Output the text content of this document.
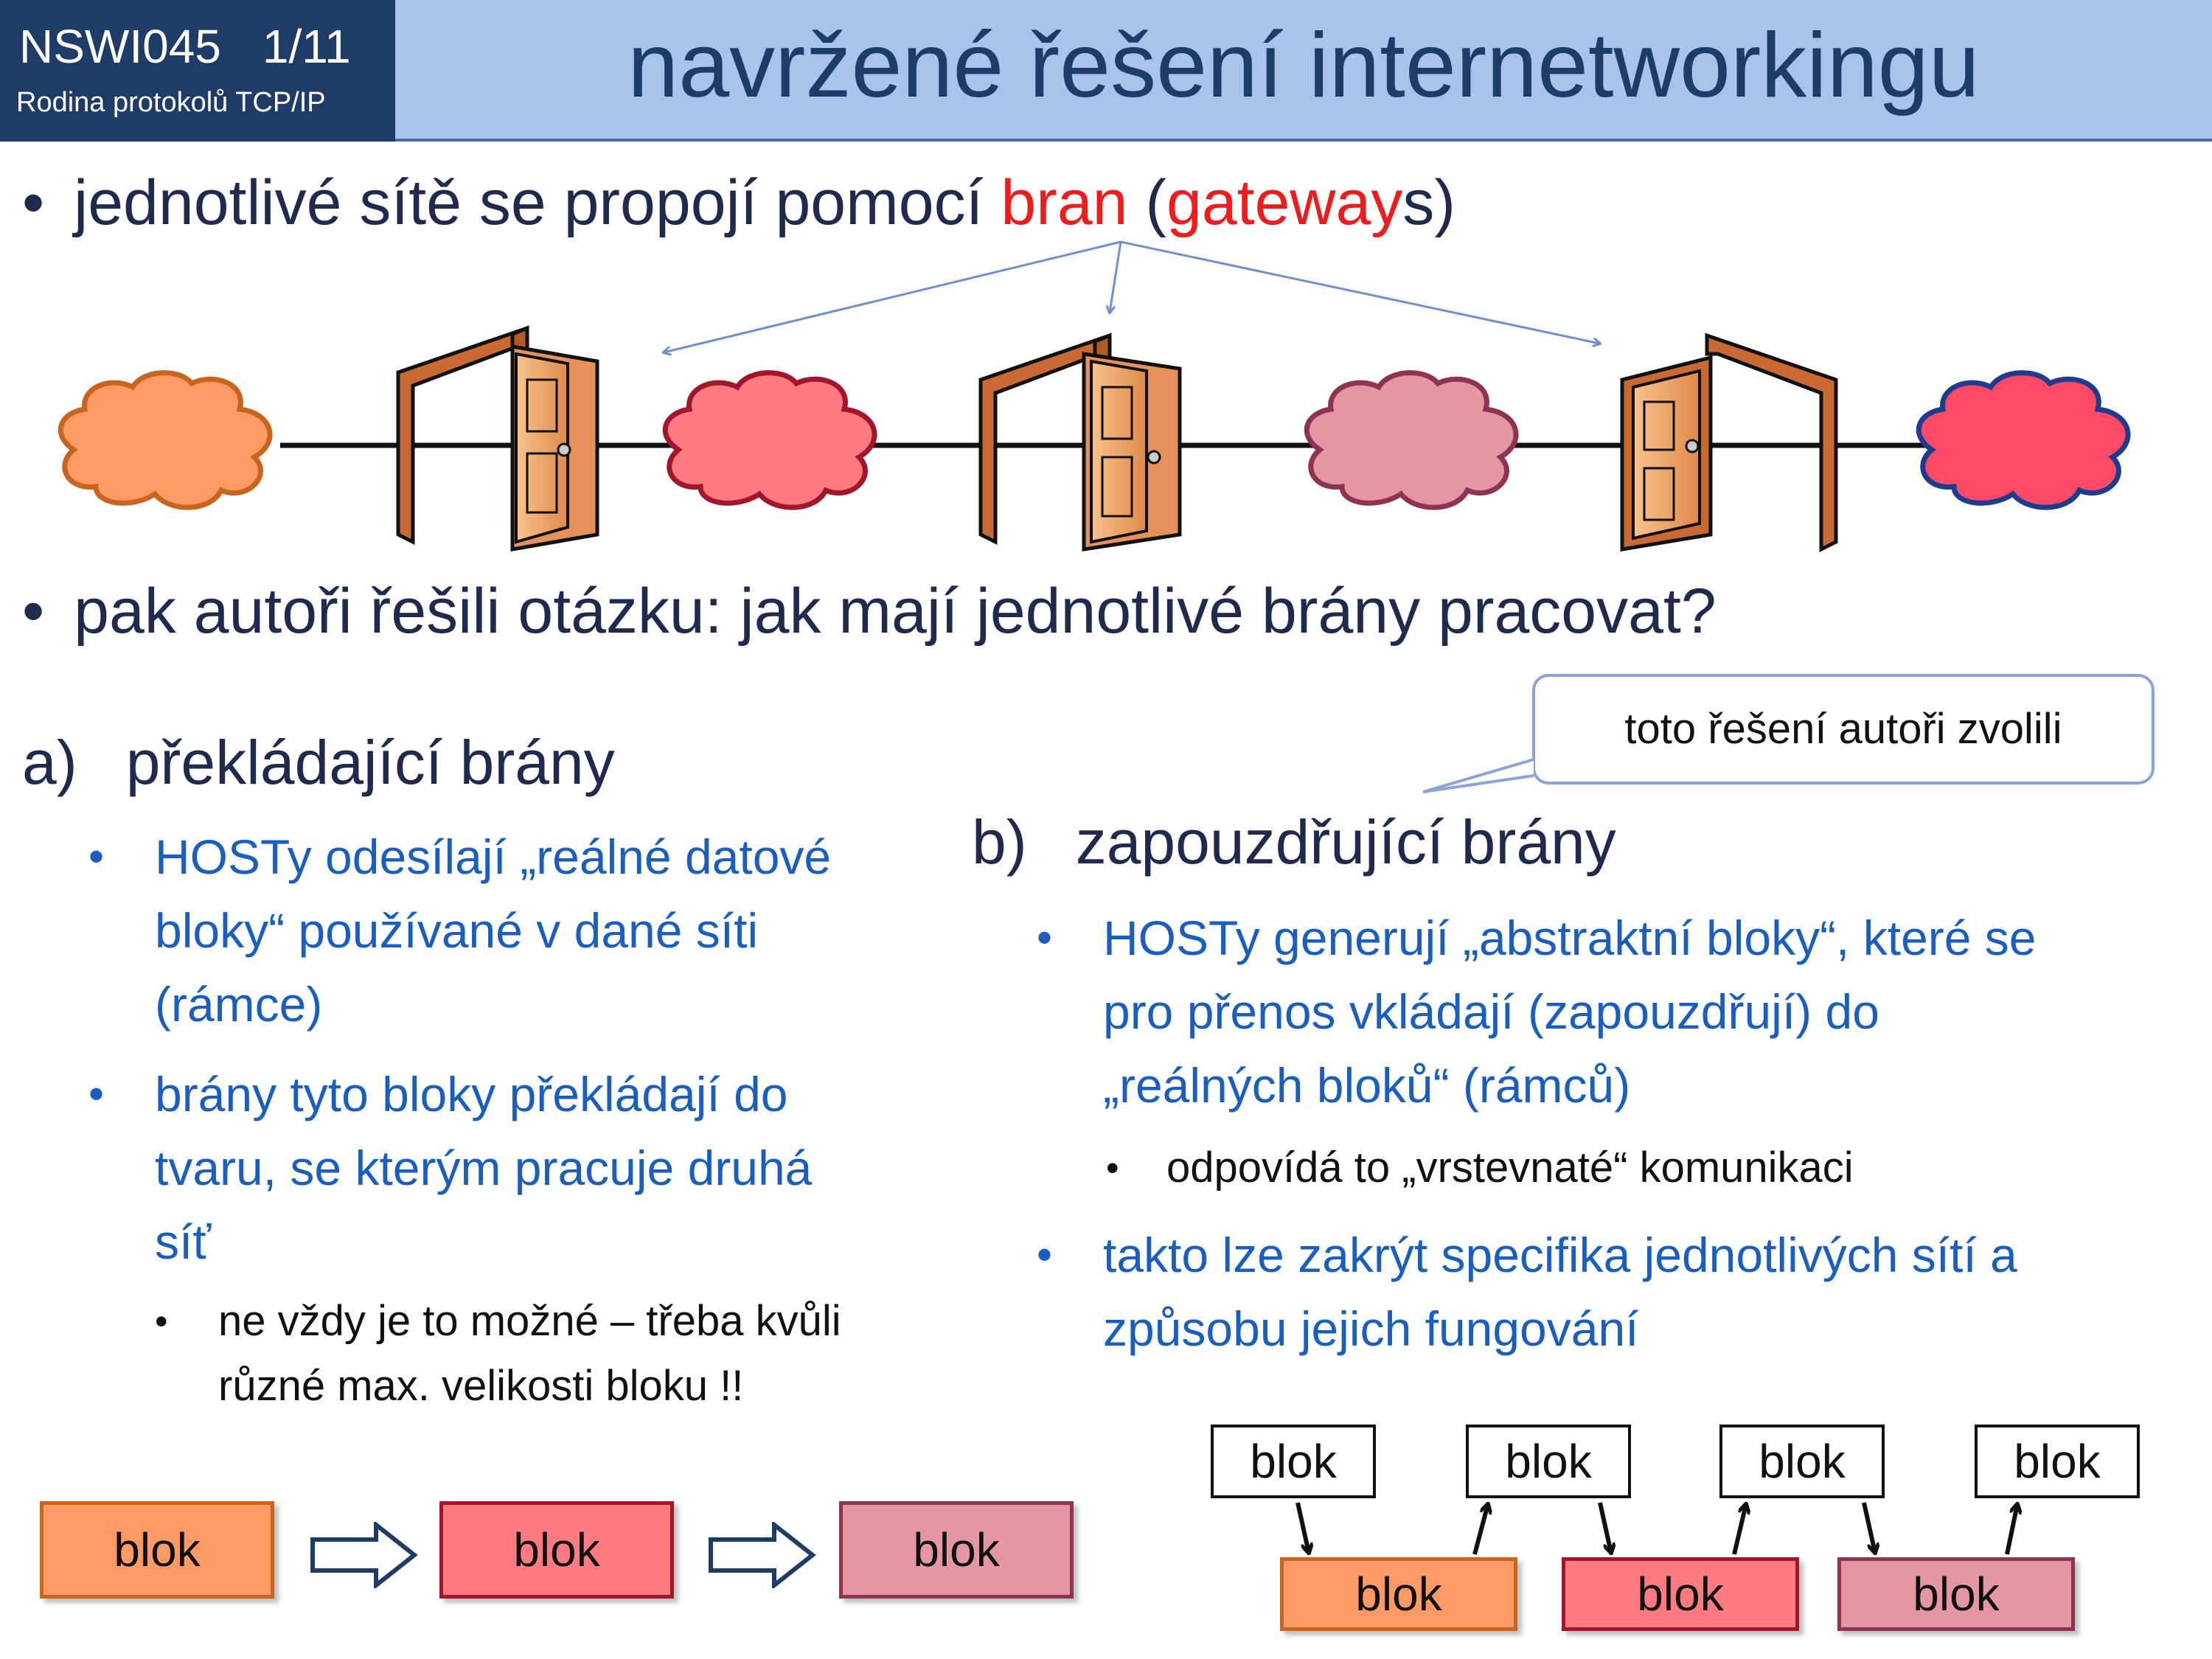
NSWI045 1/11
Rodina protokolů TCP/IP	navržené řešení internetworkingu
• jednotlivé sítě se propojí pomocí bran (gateways)
• pak autoři řešili otázku: jak mají jednotlivé brány pracovat?
toto řešení autoři zvolili
a) překládající brány
• HOSTy odesílají „reálné datové
bloky“ používané v dané síti
(rámce)
• brány tyto bloky překládají do
tvaru, se kterým pracuje druhá
síť
• ne vždy je to možné – třeba kvůli
různé max. velikosti bloku !!
b) zapouzdřující brány
• HOSTy generují „abstraktní bloky“, které se
pro přenos vkládají (zapouzdřují) do
„reálných bloků“ (rámců)
• odpovídá to „vrstevnaté“ komunikaci
• takto lze zakrýt specifika jednotlivých sítí a
způsobu jejich fungování
blok	blok	blok
blok	blok	blok	blok
blok	blok	blok
